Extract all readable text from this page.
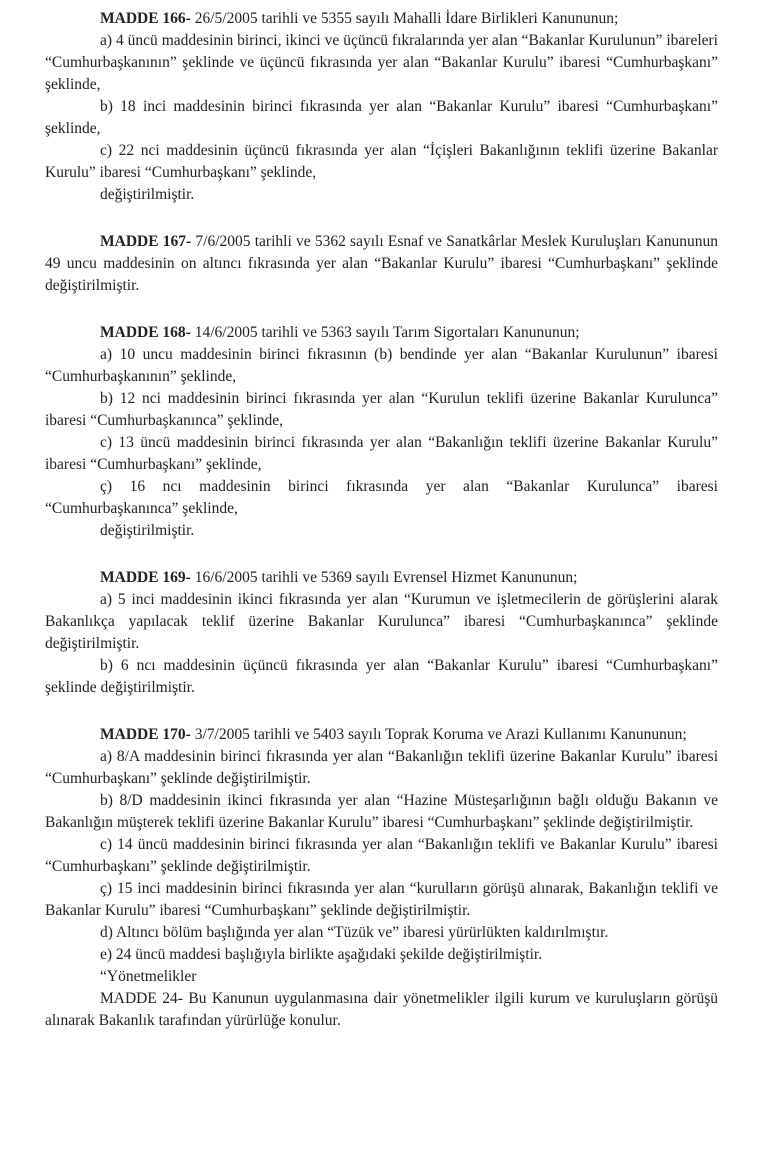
MADDE 166- 26/5/2005 tarihli ve 5355 sayılı Mahalli İdare Birlikleri Kanununun;

a) 4 üncü maddesinin birinci, ikinci ve üçüncü fıkralarında yer alan “Bakanlar Kurulunun” ibareleri “Cumhurbaşkanının” şeklinde ve üçüncü fıkrasında yer alan “Bakanlar Kurulu” ibaresi “Cumhurbaşkanı” şeklinde,

b) 18 inci maddesinin birinci fıkrasında yer alan “Bakanlar Kurulu” ibaresi “Cumhurbaşkanı” şeklinde,

c) 22 nci maddesinin üçüncü fıkrasında yer alan “İçişleri Bakanlığının teklifi üzerine Bakanlar Kurulu” ibaresi “Cumhurbaşkanı” şeklinde,

değiştirilmiştir.

MADDE 167- 7/6/2005 tarihli ve 5362 sayılı Esnaf ve Sanatkârlar Meslek Kuruluşları Kanununun 49 uncu maddesinin on altıncı fıkrasında yer alan “Bakanlar Kurulu” ibaresi “Cumhurbaşkanı” şeklinde değiştirilmiştir.

MADDE 168- 14/6/2005 tarihli ve 5363 sayılı Tarım Sigortaları Kanununun;

a) 10 uncu maddesinin birinci fıkrasının (b) bendinde yer alan “Bakanlar Kurulunun” ibaresi “Cumhurbaşkanının” şeklinde,

b) 12 nci maddesinin birinci fıkrasında yer alan “Kurulun teklifi üzerine Bakanlar Kurulunca” ibaresi “Cumhurbaşkanınca” şeklinde,

c) 13 üncü maddesinin birinci fıkrasında yer alan “Bakanlığın teklifi üzerine Bakanlar Kurulu” ibaresi “Cumhurbaşkanı” şeklinde,

ç) 16 ncı maddesinin birinci fıkrasında yer alan “Bakanlar Kurulunca” ibaresi “Cumhurbaşkanınca” şeklinde,

değiştirilmiştir.

MADDE 169- 16/6/2005 tarihli ve 5369 sayılı Evrensel Hizmet Kanununun;

a) 5 inci maddesinin ikinci fıkrasında yer alan “Kurumun ve işletmecilerin de görüşlerini alarak Bakanlıkça yapılacak teklif üzerine Bakanlar Kurulunca” ibaresi “Cumhurbaşkanınca” şeklinde değiştirilmiştir.

b) 6 ncı maddesinin üçüncü fıkrasında yer alan “Bakanlar Kurulu” ibaresi “Cumhurbaşkanı” şeklinde değiştirilmiştir.

MADDE 170- 3/7/2005 tarihli ve 5403 sayılı Toprak Koruma ve Arazi Kullanımı Kanununun;

a) 8/A maddesinin birinci fıkrasında yer alan “Bakanlığın teklifi üzerine Bakanlar Kurulu” ibaresi “Cumhurbaşkanı” şeklinde değiştirilmiştir.

b) 8/D maddesinin ikinci fıkrasında yer alan “Hazine Müsteşarlığının bağlı olduğu Bakanın ve Bakanlığın müşterek teklifi üzerine Bakanlar Kurulu” ibaresi “Cumhurbaşkanı” şeklinde değiştirilmiştir.

c) 14 üncü maddesinin birinci fıkrasında yer alan “Bakanlığın teklifi ve Bakanlar Kurulu” ibaresi “Cumhurbaşkanı” şeklinde değiştirilmiştir.

ç) 15 inci maddesinin birinci fıkrasında yer alan “kurulların görüşü alınarak, Bakanlığın teklifi ve Bakanlar Kurulu” ibaresi “Cumhurbaşkanı” şeklinde değiştirilmiştir.

d) Altıncı bölüm başlığında yer alan “Tüzük ve” ibaresi yürürlükten kaldırılmıştır.

e) 24 üncü maddesi başlığıyla birlikte aşağıdaki şekilde değiştirilmiştir.

“Yönetmelikler

MADDE 24- Bu Kanunun uygulanmasına dair yönetmelikler ilgili kurum ve kuruluşların görüşü alınarak Bakanlık tarafından yürürlüğe konulur.
